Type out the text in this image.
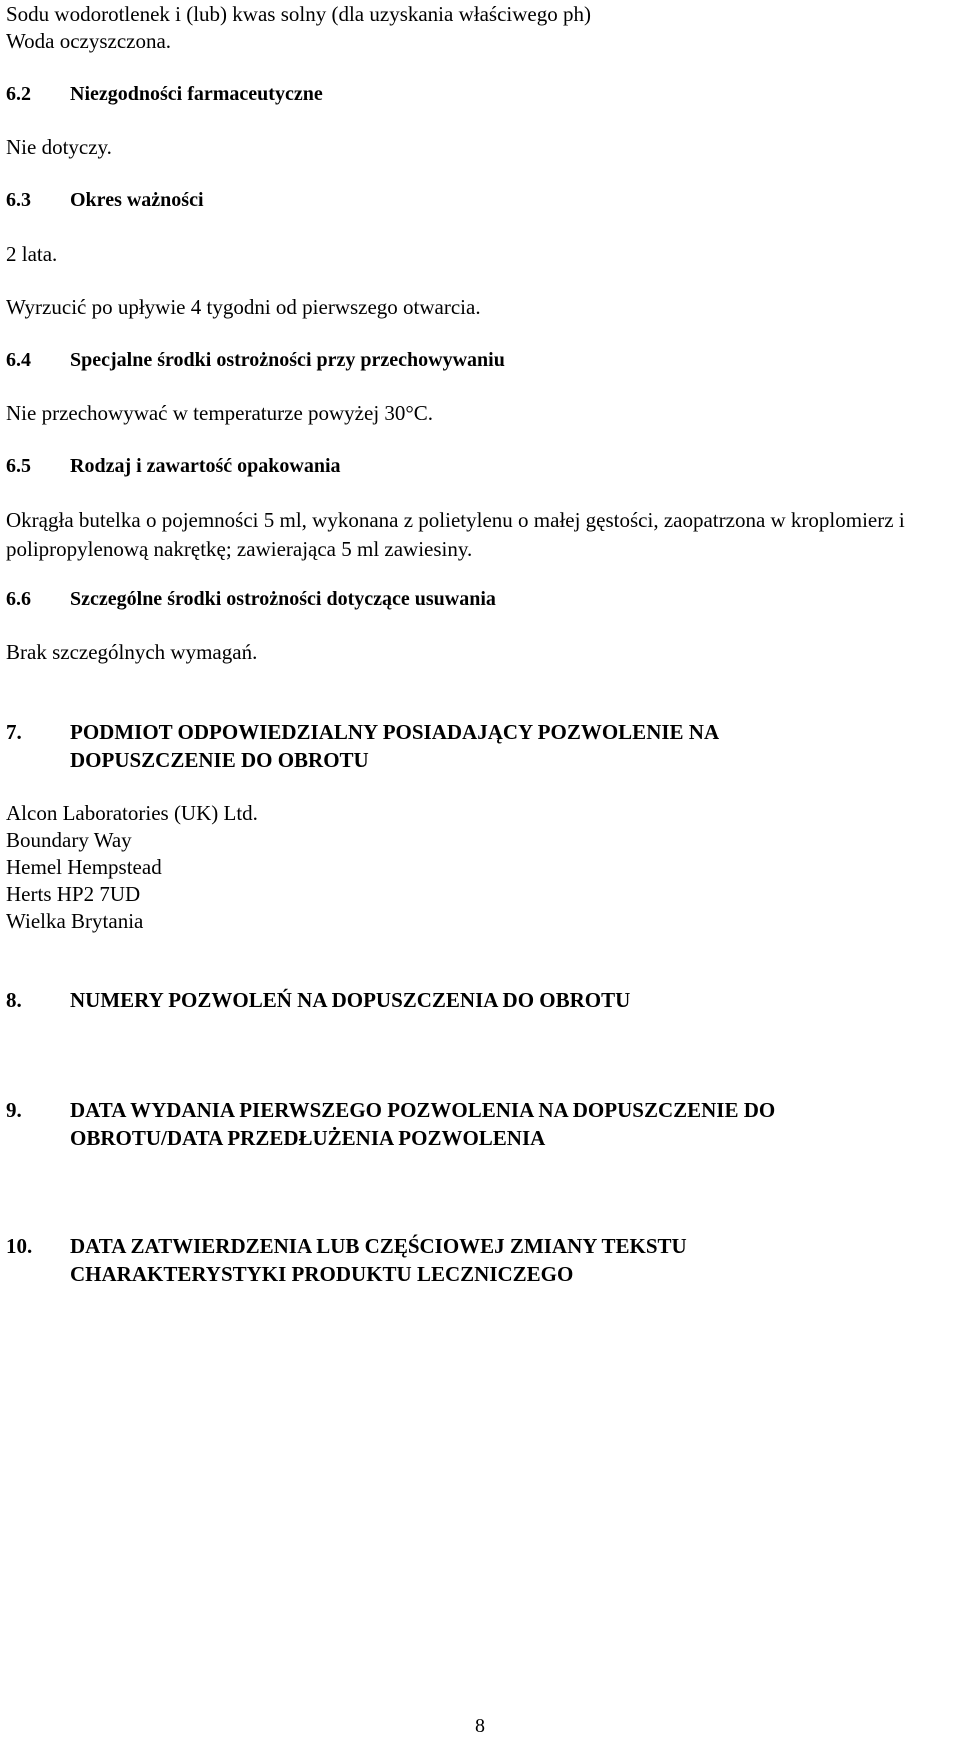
Sodu wodorotlenek i (lub) kwas solny (dla uzyskania właściwego ph)
Woda oczyszczona.
6.2 Niezgodności farmaceutyczne
Nie dotyczy.
6.3 Okres ważności
2 lata.
Wyrzucić po upływie 4 tygodni od pierwszego otwarcia.
6.4 Specjalne środki ostrożności przy przechowywaniu
Nie przechowywać w temperaturze powyżej 30°C.
6.5 Rodzaj i zawartość opakowania
Okrągła butelka o pojemności 5 ml, wykonana z polietylenu o małej gęstości, zaopatrzona w kroplomierz i polipropylenową nakrętkę; zawierająca 5 ml zawiesiny.
6.6 Szczególne środki ostrożności dotyczące usuwania
Brak szczególnych wymagań.
7. PODMIOT ODPOWIEDZIALNY POSIADAJĄCY POZWOLENIE NA
DOPUSZCZENIE DO OBROTU
Alcon Laboratories (UK) Ltd.
Boundary Way
Hemel Hempstead
Herts HP2 7UD
Wielka Brytania
8. NUMERY POZWOLEŃ NA DOPUSZCZENIA DO OBROTU
9. DATA WYDANIA PIERWSZEGO POZWOLENIA NA DOPUSZCZENIE DO
OBROTU/DATA PRZEDŁUŻENIA POZWOLENIA
10. DATA ZATWIERDZENIA LUB CZĘŚCIOWEJ ZMIANY TEKSTU
CHARAKTERYSTYKI PRODUKTU LECZNICZEGO
8
